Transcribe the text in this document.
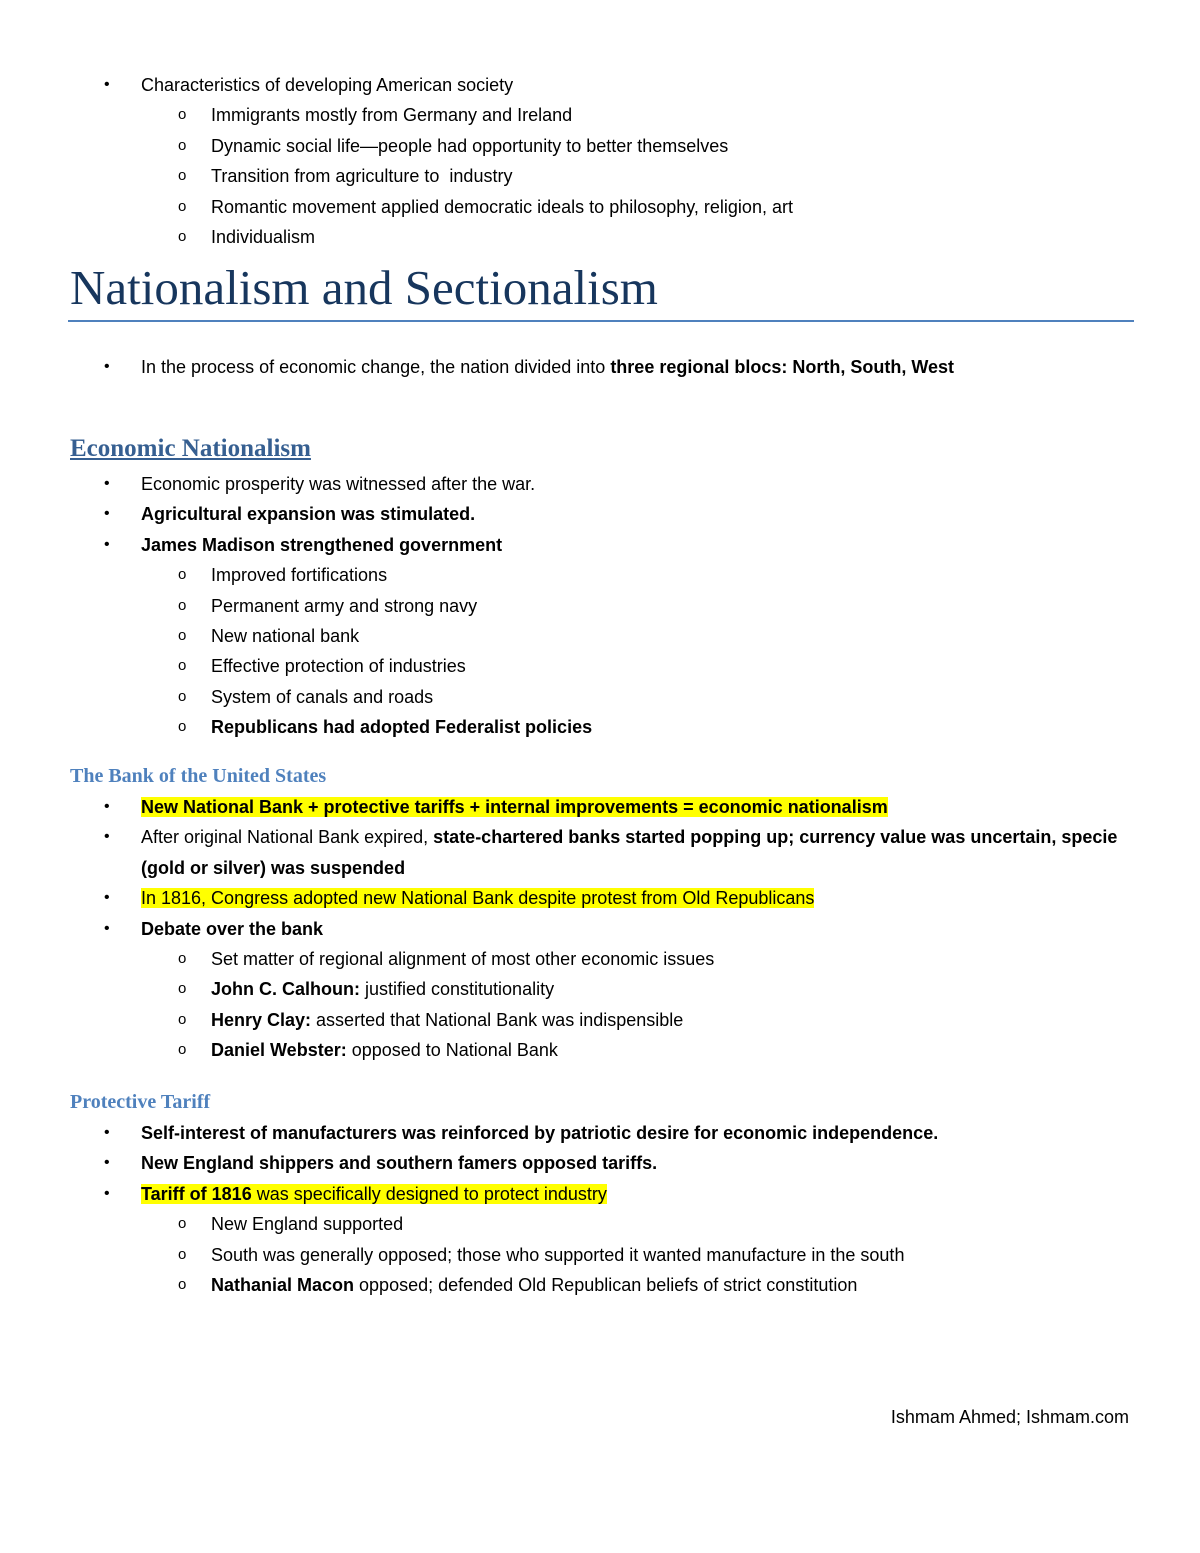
• Characteristics of developing American society
o Immigrants mostly from Germany and Ireland
o Dynamic social life—people had opportunity to better themselves
o Transition from agriculture to  industry
o Romantic movement applied democratic ideals to philosophy, religion, art
o Individualism
Nationalism and Sectionalism
• In the process of economic change, the nation divided into three regional blocs: North, South, West
Economic Nationalism
• Economic prosperity was witnessed after the war.
• Agricultural expansion was stimulated.
• James Madison strengthened government
o Improved fortifications
o Permanent army and strong navy
o New national bank
o Effective protection of industries
o System of canals and roads
o Republicans had adopted Federalist policies
The Bank of the United States
• New National Bank + protective tariffs + internal improvements = economic nationalism
• After original National Bank expired, state-chartered banks started popping up; currency value was uncertain, specie (gold or silver) was suspended
• In 1816, Congress adopted new National Bank despite protest from Old Republicans
• Debate over the bank
o Set matter of regional alignment of most other economic issues
o John C. Calhoun: justified constitutionality
o Henry Clay: asserted that National Bank was indispensible
o Daniel Webster: opposed to National Bank
Protective Tariff
• Self-interest of manufacturers was reinforced by patriotic desire for economic independence.
• New England shippers and southern famers opposed tariffs.
• Tariff of 1816 was specifically designed to protect industry
o New England supported
o South was generally opposed; those who supported it wanted manufacture in the south
o Nathanial Macon opposed; defended Old Republican beliefs of strict constitution
Ishmam Ahmed; Ishmam.com
